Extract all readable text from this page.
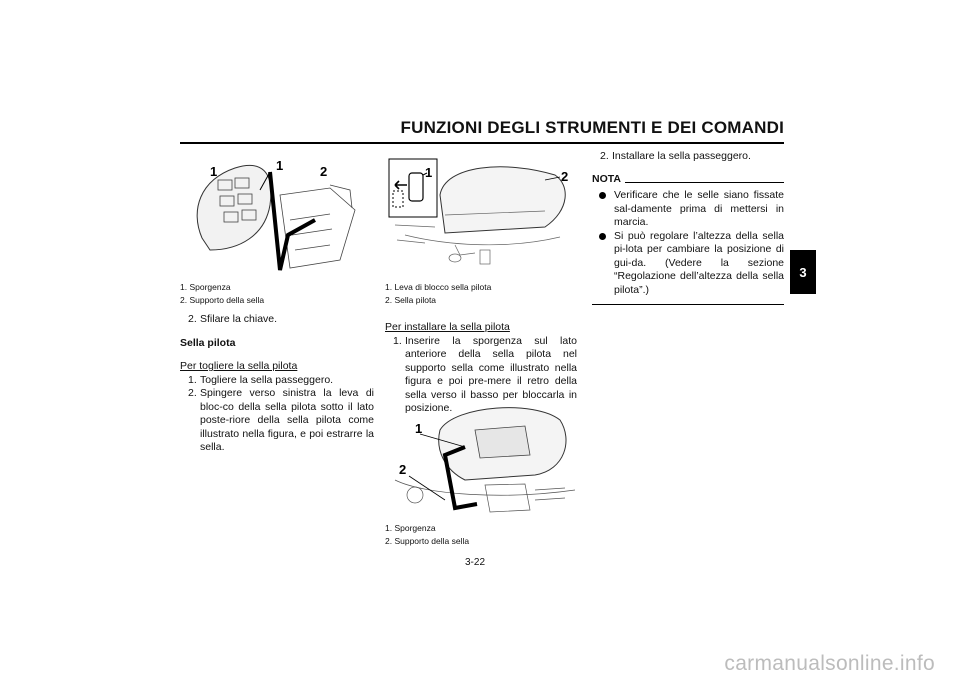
FUNZIONI DEGLI STRUMENTI E DEI COMANDI
3
1	1	2
1. Sporgenza
2. Supporto della sella
2. Sfilare la chiave.
Sella pilota
Per togliere la sella pilota
1. Togliere la sella passeggero.
2. Spingere verso sinistra la leva di bloc-co della sella pilota sotto il lato poste-riore della sella pilota come illustrato nella figura, e poi estrarre la sella.
1	2
1. Leva di blocco sella pilota
2. Sella pilota
Per installare la sella pilota
1. Inserire la sporgenza sul lato anteriore della sella pilota nel supporto sella come illustrato nella figura e poi pre-mere il retro della sella verso il basso per bloccarla in posizione.
1
2
1. Sporgenza
2. Supporto della sella
2. Installare la sella passeggero.
NOTA
Verificare che le selle siano fissate sal-damente prima di mettersi in marcia.
Si può regolare l’altezza della sella pi-lota per cambiare la posizione di gui-da. (Vedere la sezione “Regolazione dell’altezza della sella pilota”.)
3-22
carmanualsonline.info
